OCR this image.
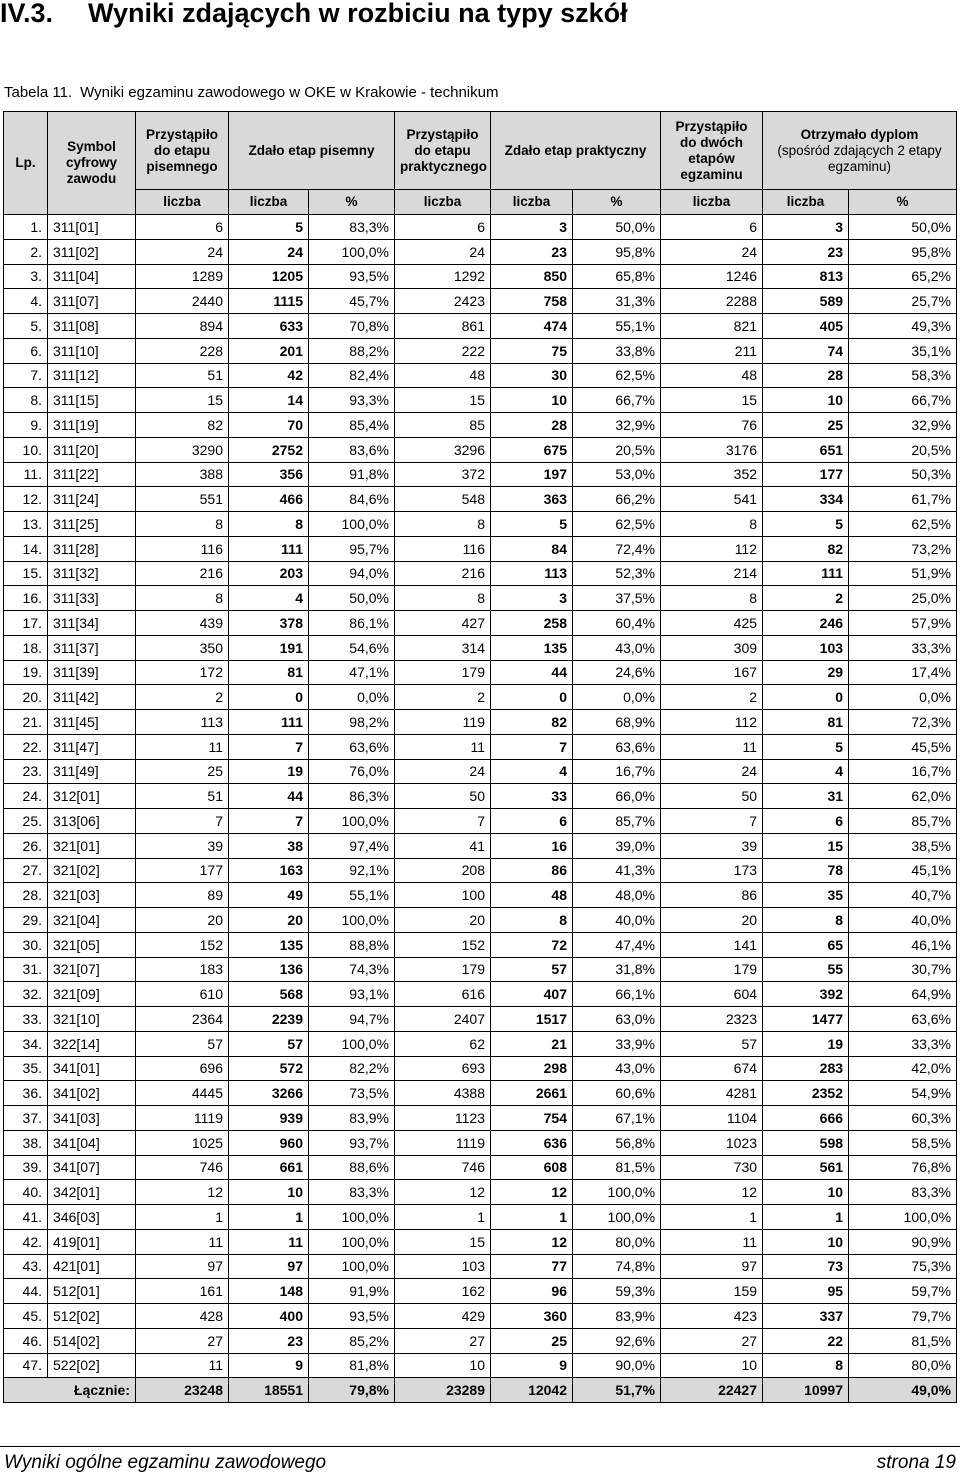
IV.3. Wyniki zdających w rozbiciu na typy szkół
Tabela 11. Wyniki egzaminu zawodowego w OKE w Krakowie - technikum
Lp.	Symbol cyfrowy zawodu	Przystąpiło do etapu pisemnego	Zdało etap pisemny		Przystąpiło do etapu praktycznego	Zdało etap praktyczny		Przystąpiło do dwóch etapów egzaminu	Otrzymało dyplom
(spośród zdających 2 etapy egzaminu)	
		liczba	liczba	%	liczba	liczba	%	liczba	liczba	%
1.	311[01]	6	5	83,3%	6	3	50,0%	6	3	50,0%
2.	311[02]	24	24	100,0%	24	23	95,8%	24	23	95,8%
3.	311[04]	1289	1205	93,5%	1292	850	65,8%	1246	813	65,2%
4.	311[07]	2440	1115	45,7%	2423	758	31,3%	2288	589	25,7%
5.	311[08]	894	633	70,8%	861	474	55,1%	821	405	49,3%
6.	311[10]	228	201	88,2%	222	75	33,8%	211	74	35,1%
7.	311[12]	51	42	82,4%	48	30	62,5%	48	28	58,3%
8.	311[15]	15	14	93,3%	15	10	66,7%	15	10	66,7%
9.	311[19]	82	70	85,4%	85	28	32,9%	76	25	32,9%
10.	311[20]	3290	2752	83,6%	3296	675	20,5%	3176	651	20,5%
11.	311[22]	388	356	91,8%	372	197	53,0%	352	177	50,3%
12.	311[24]	551	466	84,6%	548	363	66,2%	541	334	61,7%
13.	311[25]	8	8	100,0%	8	5	62,5%	8	5	62,5%
14.	311[28]	116	111	95,7%	116	84	72,4%	112	82	73,2%
15.	311[32]	216	203	94,0%	216	113	52,3%	214	111	51,9%
16.	311[33]	8	4	50,0%	8	3	37,5%	8	2	25,0%
17.	311[34]	439	378	86,1%	427	258	60,4%	425	246	57,9%
18.	311[37]	350	191	54,6%	314	135	43,0%	309	103	33,3%
19.	311[39]	172	81	47,1%	179	44	24,6%	167	29	17,4%
20.	311[42]	2	0	0,0%	2	0	0,0%	2	0	0,0%
21.	311[45]	113	111	98,2%	119	82	68,9%	112	81	72,3%
22.	311[47]	11	7	63,6%	11	7	63,6%	11	5	45,5%
23.	311[49]	25	19	76,0%	24	4	16,7%	24	4	16,7%
24.	312[01]	51	44	86,3%	50	33	66,0%	50	31	62,0%
25.	313[06]	7	7	100,0%	7	6	85,7%	7	6	85,7%
26.	321[01]	39	38	97,4%	41	16	39,0%	39	15	38,5%
27.	321[02]	177	163	92,1%	208	86	41,3%	173	78	45,1%
28.	321[03]	89	49	55,1%	100	48	48,0%	86	35	40,7%
29.	321[04]	20	20	100,0%	20	8	40,0%	20	8	40,0%
30.	321[05]	152	135	88,8%	152	72	47,4%	141	65	46,1%
31.	321[07]	183	136	74,3%	179	57	31,8%	179	55	30,7%
32.	321[09]	610	568	93,1%	616	407	66,1%	604	392	64,9%
33.	321[10]	2364	2239	94,7%	2407	1517	63,0%	2323	1477	63,6%
34.	322[14]	57	57	100,0%	62	21	33,9%	57	19	33,3%
35.	341[01]	696	572	82,2%	693	298	43,0%	674	283	42,0%
36.	341[02]	4445	3266	73,5%	4388	2661	60,6%	4281	2352	54,9%
37.	341[03]	1119	939	83,9%	1123	754	67,1%	1104	666	60,3%
38.	341[04]	1025	960	93,7%	1119	636	56,8%	1023	598	58,5%
39.	341[07]	746	661	88,6%	746	608	81,5%	730	561	76,8%
40.	342[01]	12	10	83,3%	12	12	100,0%	12	10	83,3%
41.	346[03]	1	1	100,0%	1	1	100,0%	1	1	100,0%
42.	419[01]	11	11	100,0%	15	12	80,0%	11	10	90,9%
43.	421[01]	97	97	100,0%	103	77	74,8%	97	73	75,3%
44.	512[01]	161	148	91,9%	162	96	59,3%	159	95	59,7%
45.	512[02]	428	400	93,5%	429	360	83,9%	423	337	79,7%
46.	514[02]	27	23	85,2%	27	25	92,6%	27	22	81,5%
47.	522[02]	11	9	81,8%	10	9	90,0%	10	8	80,0%
Łącznie:		23248	18551	79,8%	23289	12042	51,7%	22427	10997	49,0%
Wyniki ogólne egzaminu zawodowego	strona 19
